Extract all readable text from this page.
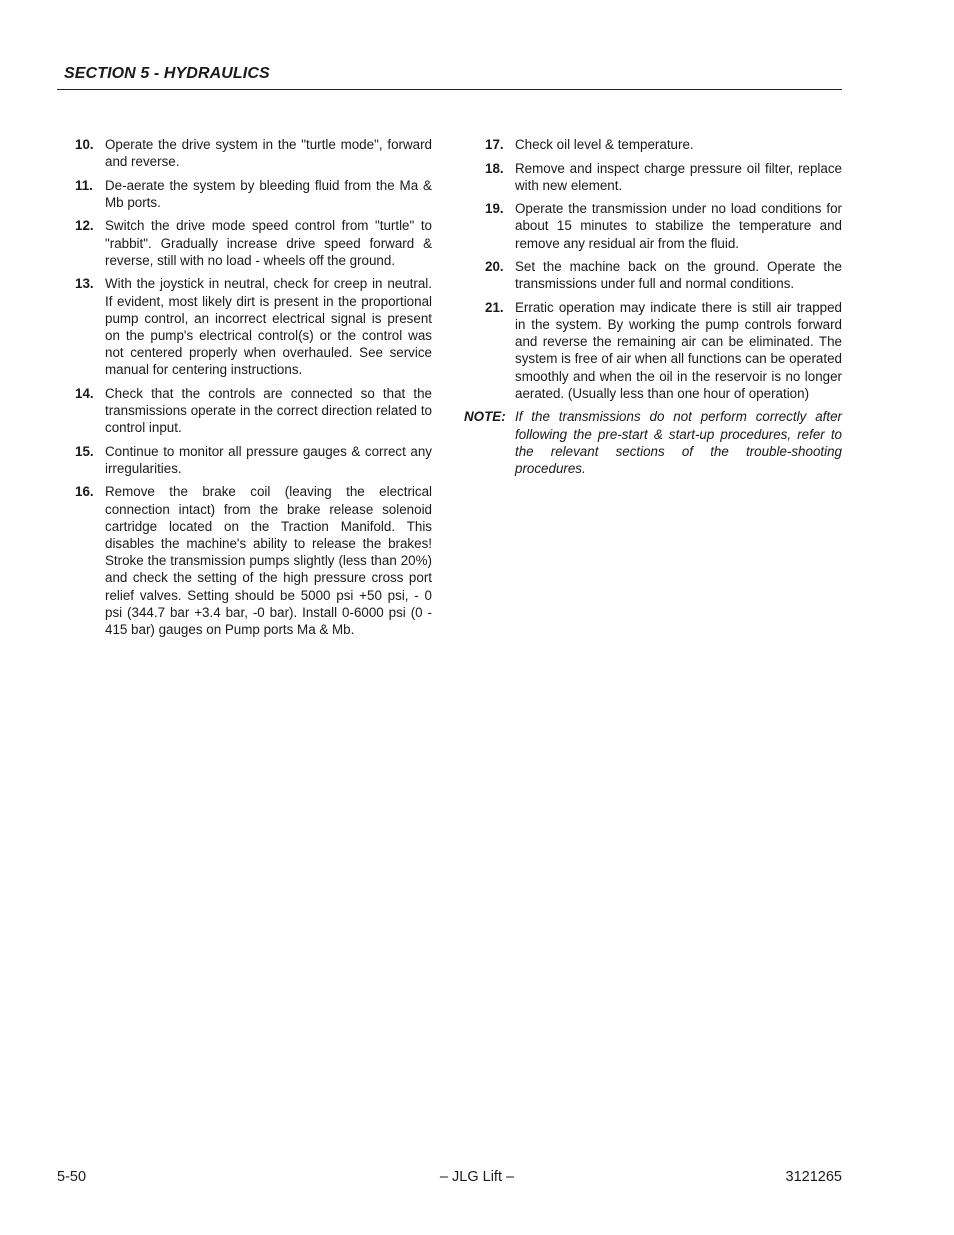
SECTION 5 - HYDRAULICS
10. Operate the drive system in the "turtle mode", forward and reverse.
11. De-aerate the system by bleeding fluid from the Ma & Mb ports.
12. Switch the drive mode speed control from "turtle" to "rabbit". Gradually increase drive speed forward & reverse, still with no load - wheels off the ground.
13. With the joystick in neutral, check for creep in neutral. If evident, most likely dirt is present in the proportional pump control, an incorrect electrical signal is present on the pump's electrical control(s) or the control was not centered properly when overhauled. See service manual for centering instructions.
14. Check that the controls are connected so that the transmissions operate in the correct direction related to control input.
15. Continue to monitor all pressure gauges & correct any irregularities.
16. Remove the brake coil (leaving the electrical connection intact) from the brake release solenoid cartridge located on the Traction Manifold. This disables the machine's ability to release the brakes! Stroke the transmission pumps slightly (less than 20%) and check the setting of the high pressure cross port relief valves. Setting should be 5000 psi +50 psi, - 0 psi (344.7 bar +3.4 bar, -0 bar). Install 0-6000 psi (0 - 415 bar) gauges on Pump ports Ma & Mb.
17. Check oil level & temperature.
18. Remove and inspect charge pressure oil filter, replace with new element.
19. Operate the transmission under no load conditions for about 15 minutes to stabilize the temperature and remove any residual air from the fluid.
20. Set the machine back on the ground. Operate the transmissions under full and normal conditions.
21. Erratic operation may indicate there is still air trapped in the system. By working the pump controls forward and reverse the remaining air can be eliminated. The system is free of air when all functions can be operated smoothly and when the oil in the reservoir is no longer aerated. (Usually less than one hour of operation)
NOTE: If the transmissions do not perform correctly after following the pre-start & start-up procedures, refer to the relevant sections of the trouble-shooting procedures.
5-50	– JLG Lift –	3121265
